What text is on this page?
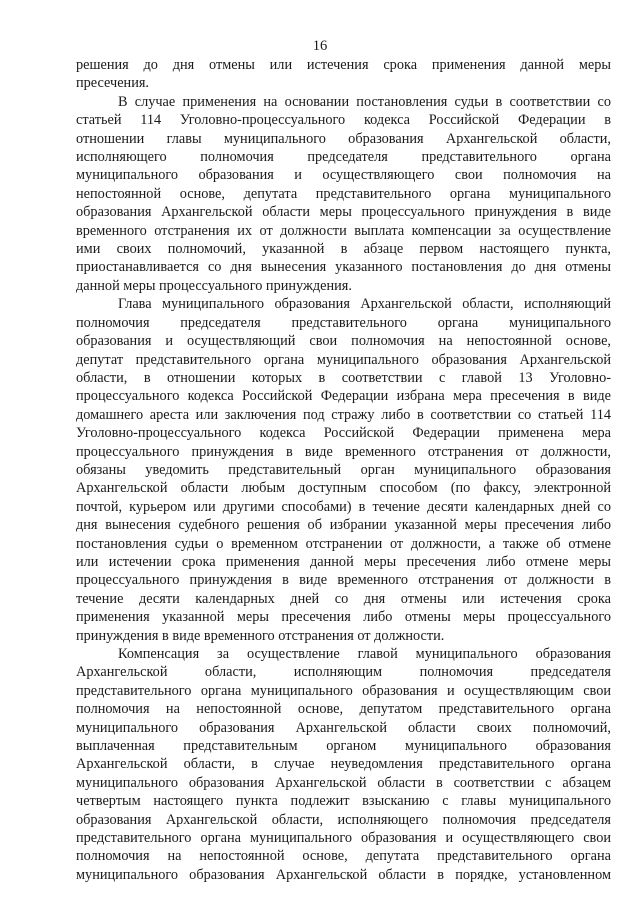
16

решения до дня отмены или истечения срока применения данной меры
пресечения.

В случае применения на основании постановления судьи в соответствии со
статьей 114 Уголовно-процессуального кодекса Российской Федерации в
отношении главы муниципального образования Архангельской области,
исполняющего полномочия председателя представительного органа
муниципального образования и осуществляющего свои полномочия на
непостоянной основе, депутата представительного органа муниципального
образования Архангельской области меры процессуального принуждения в виде
временного отстранения их от должности выплата компенсации за осуществление
ими своих полномочий, указанной в абзаце первом настоящего пункта,
приостанавливается со дня вынесения указанного постановления до дня отмены
данной меры процессуального принуждения.

Глава муниципального образования Архангельской области, исполняющий
полномочия председателя представительного органа муниципального
образования и осуществляющий свои полномочия на непостоянной основе,
депутат представительного органа муниципального образования Архангельской
области, в отношении которых в соответствии с главой 13 Уголовно-
процессуального кодекса Российской Федерации избрана мера пресечения в виде
домашнего ареста или заключения под стражу либо в соответствии со статьей 114
Уголовно-процессуального кодекса Российской Федерации применена мера
процессуального принуждения в виде временного отстранения от должности,
обязаны уведомить представительный орган муниципального образования
Архангельской области любым доступным способом (по факсу, электронной
почтой, курьером или другими способами) в течение десяти календарных дней со
дня вынесения судебного решения об избрании указанной меры пресечения либо
постановления судьи о временном отстранении от должности, а также об отмене
или истечении срока применения данной меры пресечения либо отмене меры
процессуального принуждения в виде временного отстранения от должности в
течение десяти календарных дней со дня отмены или истечения срока
применения указанной меры пресечения либо отмены меры процессуального
принуждения в виде временного отстранения от должности.

Компенсация за осуществление главой муниципального образования
Архангельской области, исполняющим полномочия председателя
представительного органа муниципального образования и осуществляющим свои
полномочия на непостоянной основе, депутатом представительного органа
муниципального образования Архангельской области своих полномочий,
выплаченная представительным органом муниципального образования
Архангельской области, в случае неуведомления представительного органа
муниципального образования Архангельской области в соответствии с абзацем
четвертым настоящего пункта подлежит взысканию с главы муниципального
образования Архангельской области, исполняющего полномочия председателя
представительного органа муниципального образования и осуществляющего свои
полномочия на непостоянной основе, депутата представительного органа
муниципального образования Архангельской области в порядке, установленном
